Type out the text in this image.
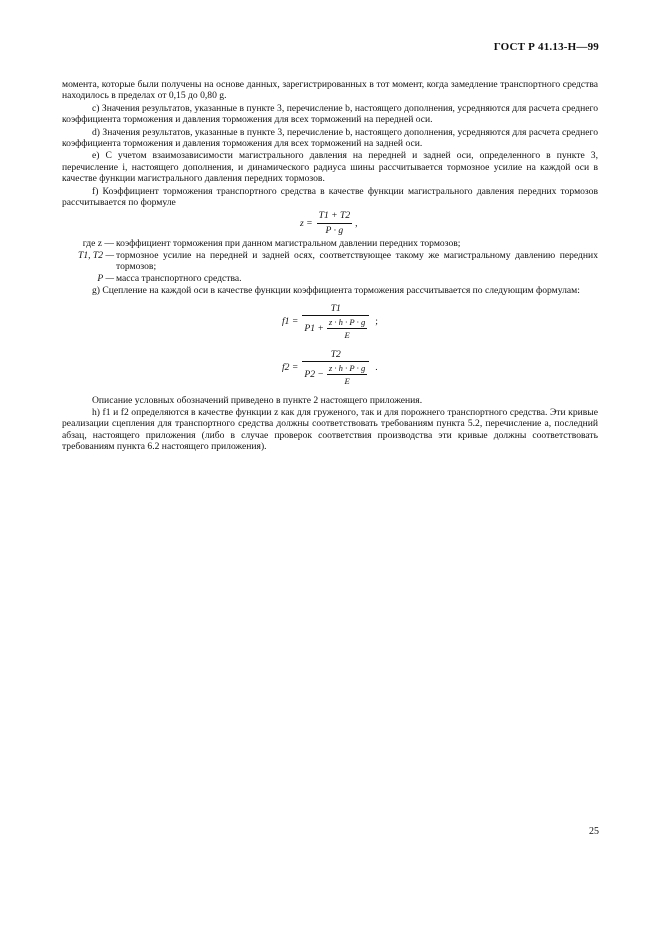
ГОСТ Р 41.13-Н—99

момента, которые были получены на основе данных, зарегистрированных в тот момент, когда замедление транспортного средства находилось в пределах от 0,15 до 0,80 g.

c) Значения результатов, указанные в пункте 3, перечисление b, настоящего дополнения, усредняются для расчета среднего коэффициента торможения и давления торможения для всех торможений на передней оси.

d) Значения результатов, указанные в пункте 3, перечисление b, настоящего дополнения, усредняются для расчета среднего коэффициента торможения и давления торможения для всех торможений на задней оси.

e) С учетом взаимозависимости магистрального давления на передней и задней оси, определенного в пункте 3, перечисление i, настоящего дополнения, и динамического радиуса шины рассчитывается тормозное усилие на каждой оси в качестве функции магистрального давления передних тормозов.

f) Коэффициент торможения транспортного средства в качестве функции магистрального давления передних тормозов рассчитывается по формуле

$z = \frac{T1 + T2}{P \cdot g}$ ,
где z — коэффициент торможения при данном магистральном давлении передних тормозов;
T1, T2 — тормозное усилие на передней и задней осях, соответствующее такому же магистральному давлению передних тормозов;
P — масса транспортного средства.

g) Сцепление на каждой оси в качестве функции коэффициента торможения рассчитывается по следующим формулам:

$f1 = \frac{T1}{P1 + \frac{z \cdot h \cdot P \cdot g}{E}}$ ;
$f2 = \frac{T2}{P2 - \frac{z \cdot h \cdot P \cdot g}{E}}$ .

Описание условных обозначений приведено в пункте 2 настоящего приложения.

h) f1 и f2 определяются в качестве функции z как для груженого, так и для порожнего транспортного средства. Эти кривые реализации сцепления для транспортного средства должны соответствовать требованиям пункта 5.2, перечисление a, последний абзац, настоящего приложения (либо в случае проверок соответствия производства эти кривые должны соответствовать требованиям пункта 6.2 настоящего приложения).

25
